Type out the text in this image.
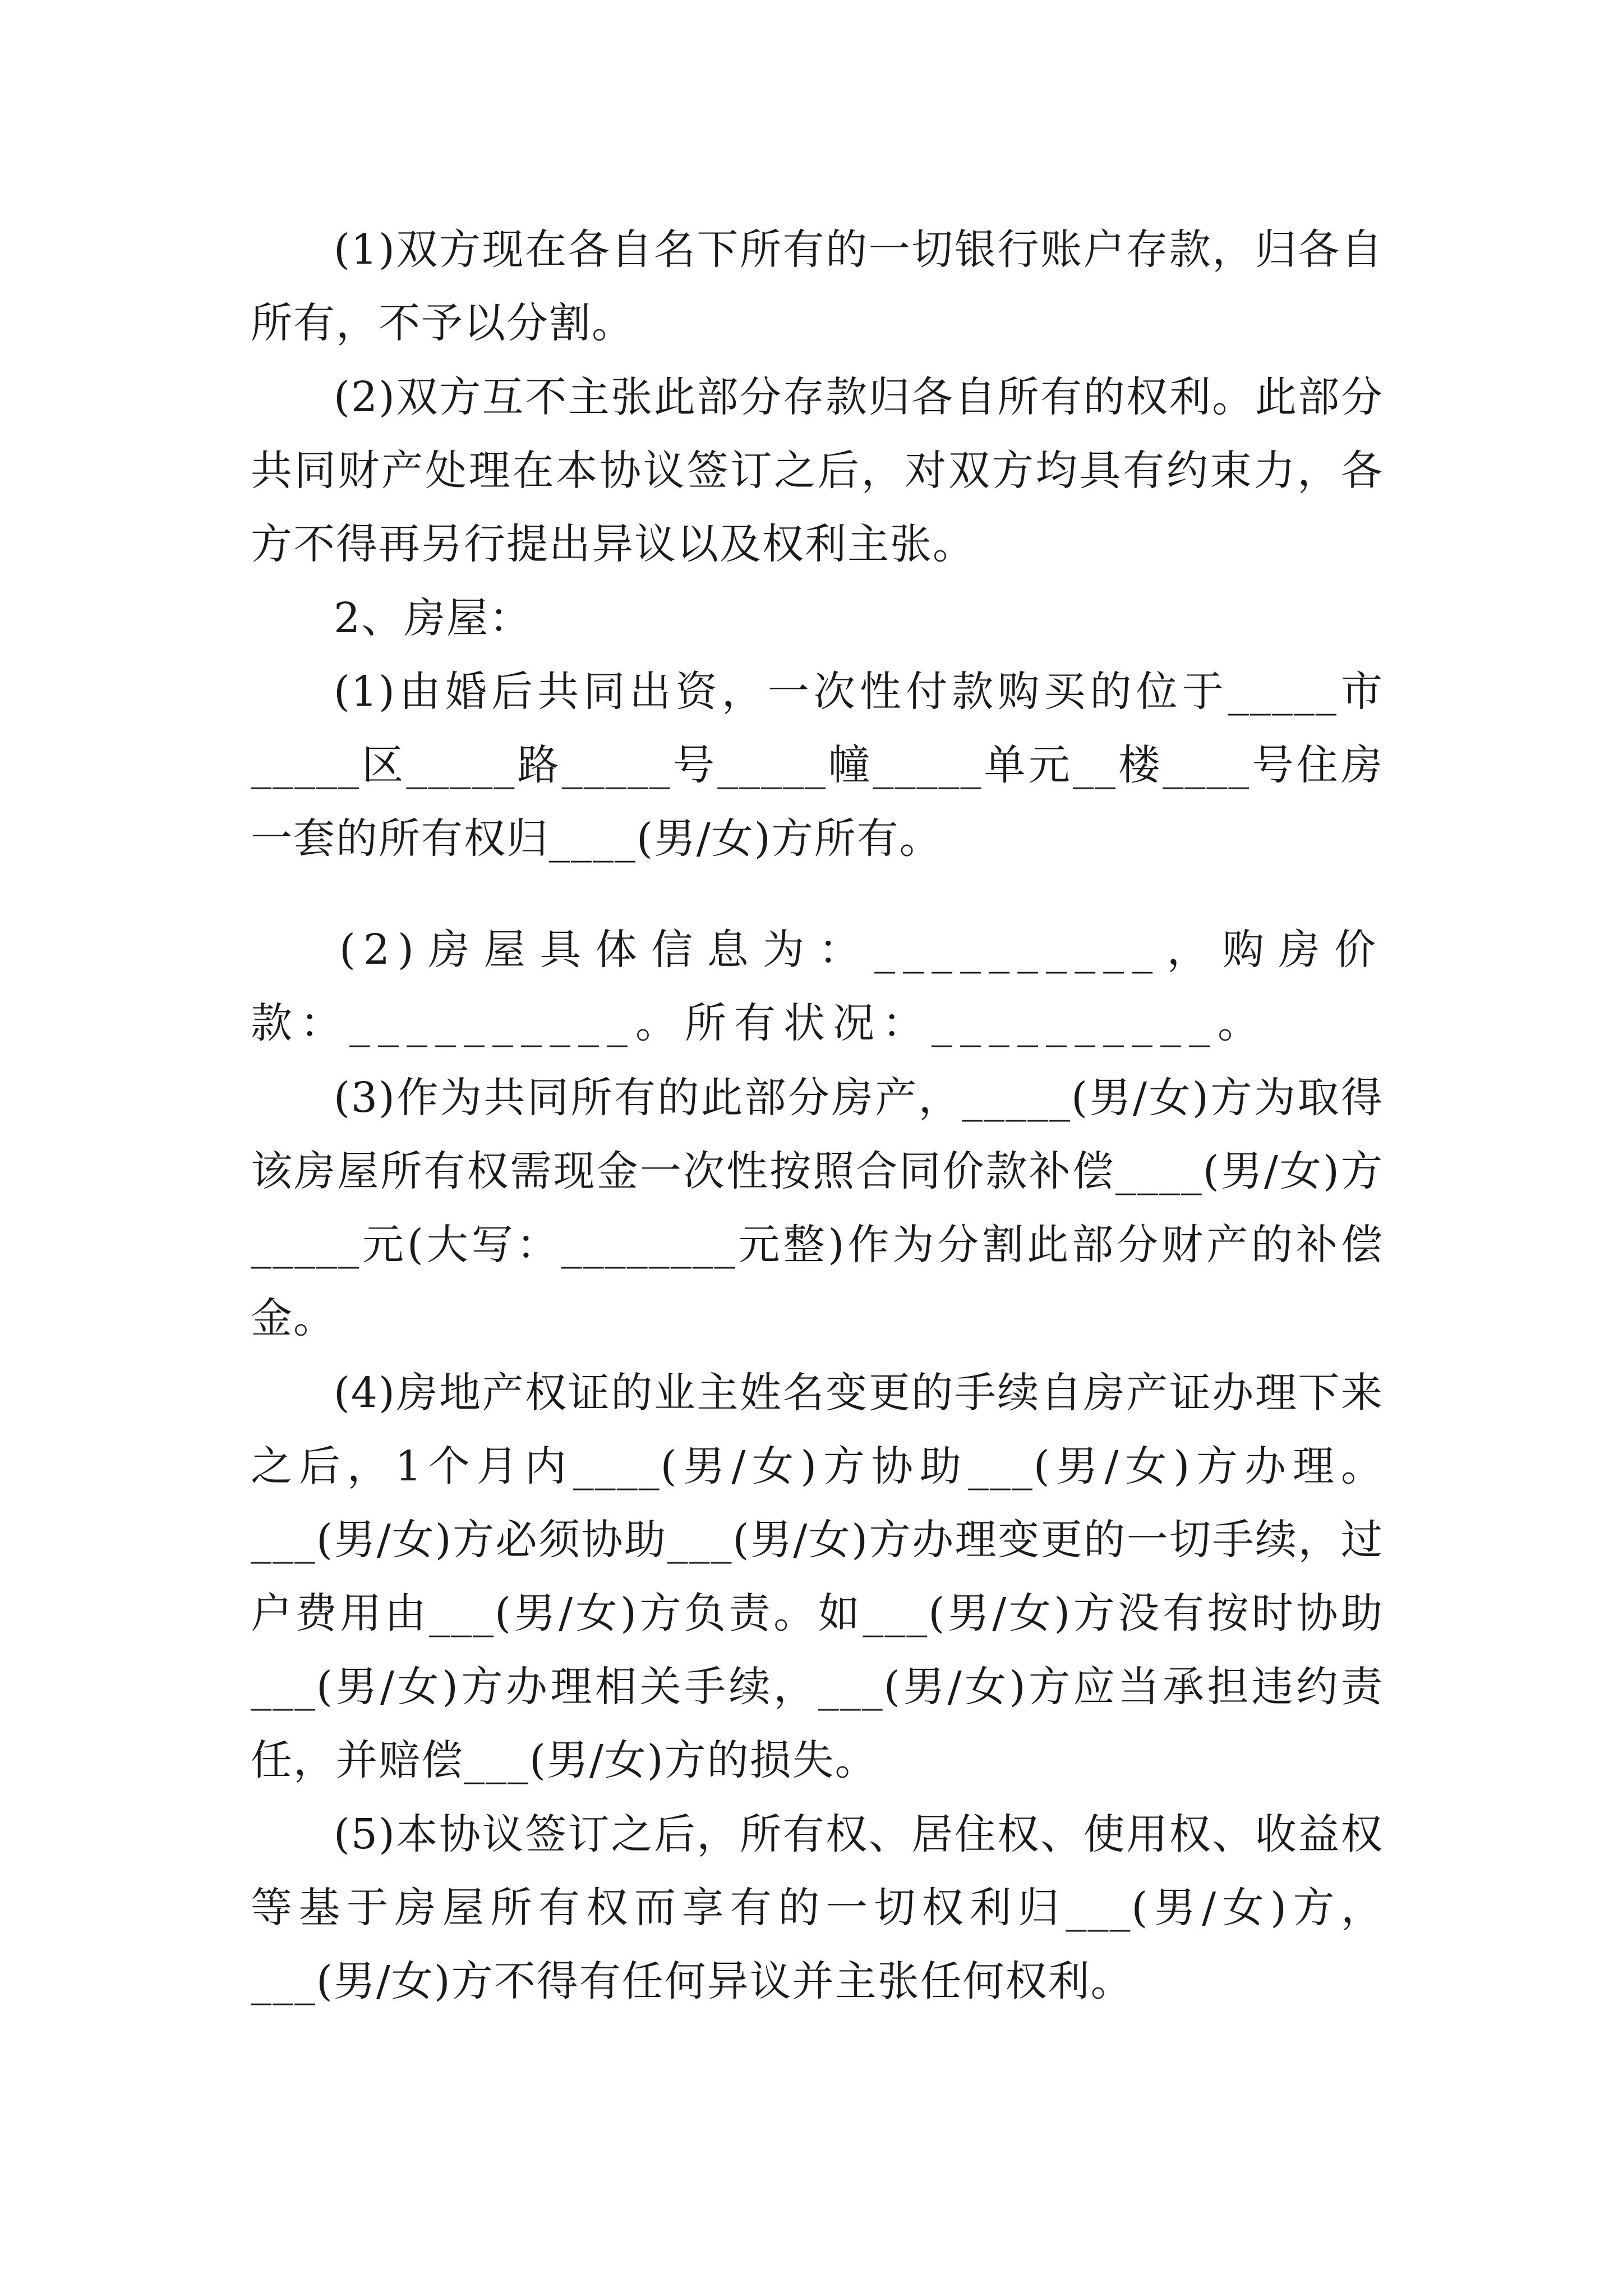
(1)双方现在各自名下所有的一切银行账户存款，归各自所有，不予以分割。

(2)双方互不主张此部分存款归各自所有的权利。此部分共同财产处理在本协议签订之后，对双方均具有约束力，各方不得再另行提出异议以及权利主张。

2、房屋：

(1)由婚后共同出资，一次性付款购买的位于_____市_____区_____路_____号_____幢_____单元__楼____号住房一套的所有权归____(男/女)方所有。

(2)房屋具体信息为：__________，购房价款：__________。所有状况：__________。

(3)作为共同所有的此部分房产，_____(男/女)方为取得该房屋所有权需现金一次性按照合同价款补偿____(男/女)方_____元(大写：________元整)作为分割此部分财产的补偿金。

(4)房地产权证的业主姓名变更的手续自房产证办理下来之后，1个月内____(男/女)方协助___(男/女)方办理。___(男/女)方必须协助___(男/女)方办理变更的一切手续，过户费用由___(男/女)方负责。如___(男/女)方没有按时协助___(男/女)方办理相关手续，___(男/女)方应当承担违约责任，并赔偿___(男/女)方的损失。

(5)本协议签订之后，所有权、居住权、使用权、收益权等基于房屋所有权而享有的一切权利归___(男/女)方，___(男/女)方不得有任何异议并主张任何权利。
